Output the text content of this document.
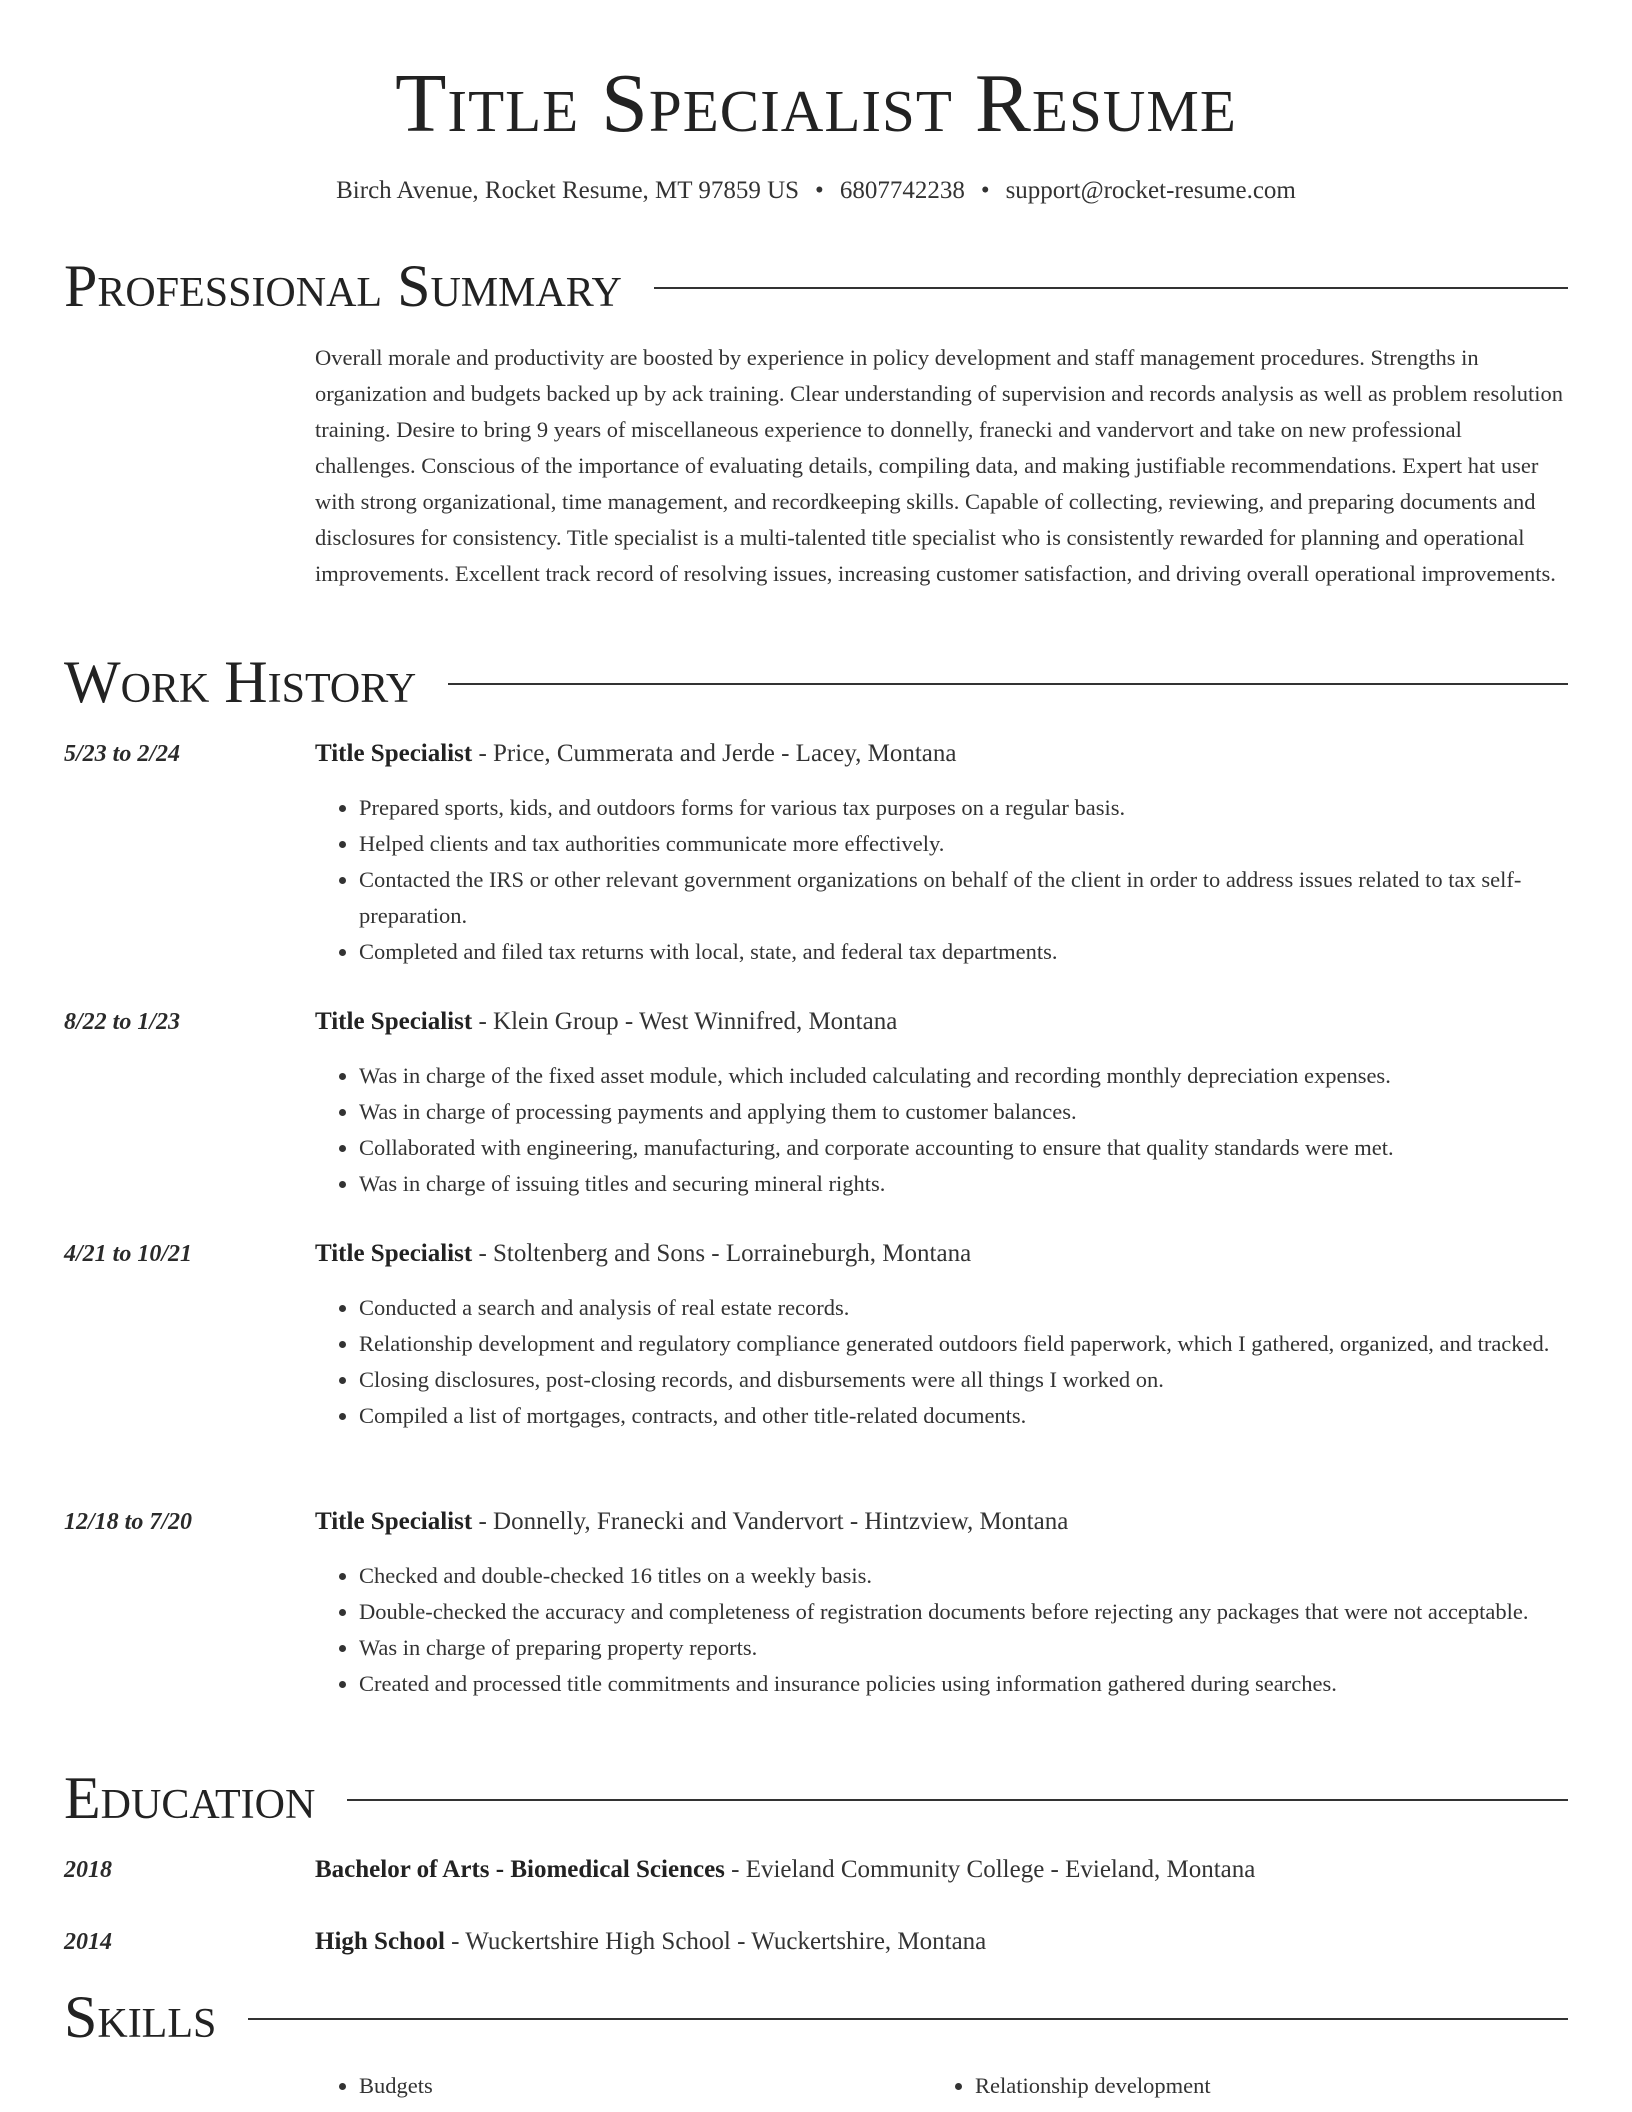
Title Specialist Resume
Birch Avenue, Rocket Resume, MT 97859 US • 6807742238 • support@rocket-resume.com
Professional Summary

Overall morale and productivity are boosted by experience in policy development and staff management procedures. Strengths in organization and budgets backed up by ack training. Clear understanding of supervision and records analysis as well as problem resolution training. Desire to bring 9 years of miscellaneous experience to donnelly, franecki and vandervort and take on new professional challenges. Conscious of the importance of evaluating details, compiling data, and making justifiable recommendations. Expert hat user with strong organizational, time management, and recordkeeping skills. Capable of collecting, reviewing, and preparing documents and disclosures for consistency. Title specialist is a multi-talented title specialist who is consistently rewarded for planning and operational improvements. Excellent track record of resolving issues, increasing customer satisfaction, and driving overall operational improvements.

Work History
5/23 to 2/24	Title Specialist - Price, Cummerata and Jerde - Lacey, Montana
• Prepared sports, kids, and outdoors forms for various tax purposes on a regular basis.
• Helped clients and tax authorities communicate more effectively.
• Contacted the IRS or other relevant government organizations on behalf of the client in order to address issues related to tax self-preparation.
• Completed and filed tax returns with local, state, and federal tax departments.
8/22 to 1/23	Title Specialist - Klein Group - West Winnifred, Montana
• Was in charge of the fixed asset module, which included calculating and recording monthly depreciation expenses.
• Was in charge of processing payments and applying them to customer balances.
• Collaborated with engineering, manufacturing, and corporate accounting to ensure that quality standards were met.
• Was in charge of issuing titles and securing mineral rights.
4/21 to 10/21	Title Specialist - Stoltenberg and Sons - Lorraineburgh, Montana
• Conducted a search and analysis of real estate records.
• Relationship development and regulatory compliance generated outdoors field paperwork, which I gathered, organized, and tracked.
• Closing disclosures, post-closing records, and disbursements were all things I worked on.
• Compiled a list of mortgages, contracts, and other title-related documents.
12/18 to 7/20	Title Specialist - Donnelly, Franecki and Vandervort - Hintzview, Montana
• Checked and double-checked 16 titles on a weekly basis.
• Double-checked the accuracy and completeness of registration documents before rejecting any packages that were not acceptable.
• Was in charge of preparing property reports.
• Created and processed title commitments and insurance policies using information gathered during searches.
Education
2018	Bachelor of Arts - Biomedical Sciences - Evieland Community College - Evieland, Montana
2014	High School - Wuckertshire High School - Wuckertshire, Montana
Skills
• Budgets
•	Relationship development
